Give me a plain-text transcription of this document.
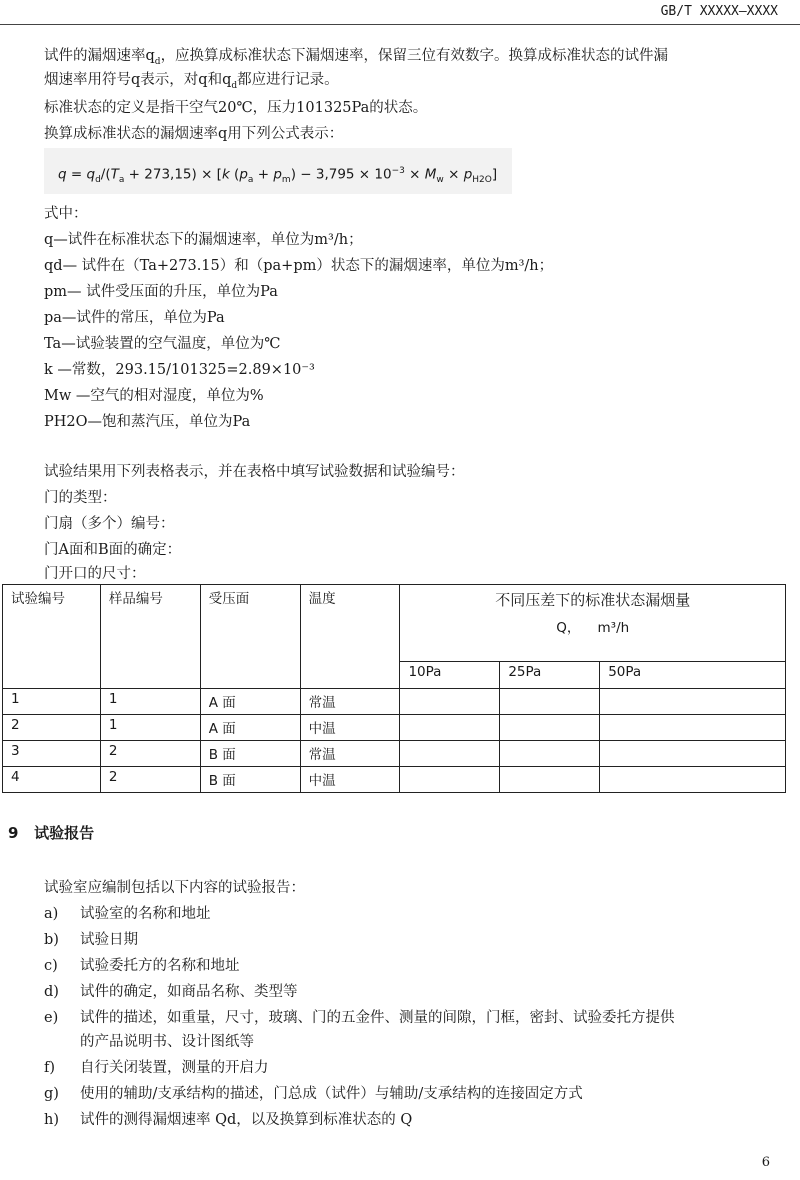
GB/T XXXXX—XXXX
试件的漏烟速率$q_d$，应换算成标准状态下漏烟速率，保留三位有效数字。换算成标准状态的试件漏
烟速率用符号q表示，对q和$q_d$都应进行记录。
标准状态的定义是指干空气20℃，压力101325Pa的状态。
换算成标准状态的漏烟速率q用下列公式表示：
$q = q_d/(T_a + 273,15) \times [k$ $(p_a + p_m) - 3,795 \times 10^{-3} \times M_w \times p_{H2O}$]
式中：
q—试件在标准状态下的漏烟速率，单位为m³/h；
qd— 试件在（Ta+273.15）和（pa+pm）状态下的漏烟速率，单位为m³/h；
pm— 试件受压面的升压，单位为Pa
pa—试件的常压，单位为Pa
Ta—试验装置的空气温度，单位为℃
k —常数，293.15/101325=2.89×10⁻³
Mw —空气的相对湿度，单位为%
PH2O—饱和蒸汽压，单位为Pa
试验结果用下列表格表示，并在表格中填写试验数据和试验编号：
门的类型：
门扇（多个）编号：
门A面和B面的确定：
门开口的尺寸：
试验编号	样品编号	受压面	温度	不同压差下的标准状态漏烟量
Q，    m³/h		

				10Pa	25Pa	50Pa
1	1	A 面	常温			
2	1	A 面	中温			
3	2	B 面	常温			
4	2	B 面	中温			
9   试验报告
试验室应编制包括以下内容的试验报告：
a) 试验室的名称和地址
b) 试验日期
c) 试验委托方的名称和地址
d) 试件的确定，如商品名称、类型等
e) 试件的描述，如重量，尺寸，玻璃、门的五金件、测量的间隙，门框，密封、试验委托方提供
的产品说明书、设计图纸等
f) 自行关闭装置，测量的开启力
g) 使用的辅助/支承结构的描述，门总成（试件）与辅助/支承结构的连接固定方式
h) 试件的测得漏烟速率 Qd，以及换算到标准状态的 Q
6
